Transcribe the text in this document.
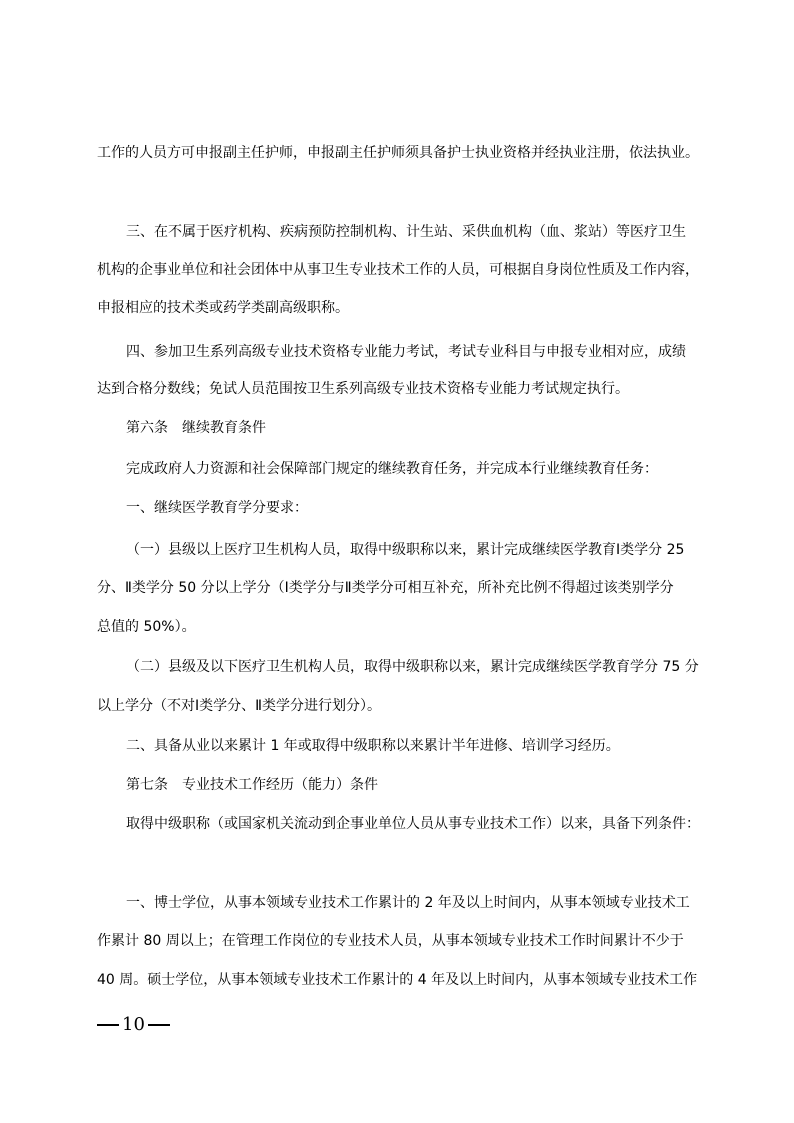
工作的人员方可申报副主任护师，申报副主任护师须具备护士执业资格并经执业注册，依法执业。
三、在不属于医疗机构、疾病预防控制机构、计生站、采供血机构（血、浆站）等医疗卫生
机构的企事业单位和社会团体中从事卫生专业技术工作的人员，可根据自身岗位性质及工作内容，
申报相应的技术类或药学类副高级职称。
四、参加卫生系列高级专业技术资格专业能力考试，考试专业科目与申报专业相对应，成绩
达到合格分数线；免试人员范围按卫生系列高级专业技术资格专业能力考试规定执行。
第六条　继续教育条件
完成政府人力资源和社会保障部门规定的继续教育任务，并完成本行业继续教育任务：
一、继续医学教育学分要求：
（一）县级以上医疗卫生机构人员，取得中级职称以来，累计完成继续医学教育Ⅰ类学分 25
分、Ⅱ类学分 50 分以上学分（Ⅰ类学分与Ⅱ类学分可相互补充，所补充比例不得超过该类别学分
总值的 50%）。
（二）县级及以下医疗卫生机构人员，取得中级职称以来，累计完成继续医学教育学分 75 分
以上学分（不对Ⅰ类学分、Ⅱ类学分进行划分）。
二、具备从业以来累计 1 年或取得中级职称以来累计半年进修、培训学习经历。
第七条　专业技术工作经历（能力）条件
取得中级职称（或国家机关流动到企事业单位人员从事专业技术工作）以来，具备下列条件：
一、博士学位，从事本领域专业技术工作累计的 2 年及以上时间内，从事本领域专业技术工
作累计 80 周以上；在管理工作岗位的专业技术人员，从事本领域专业技术工作时间累计不少于
40 周。硕士学位，从事本领域专业技术工作累计的 4 年及以上时间内，从事本领域专业技术工作
10
